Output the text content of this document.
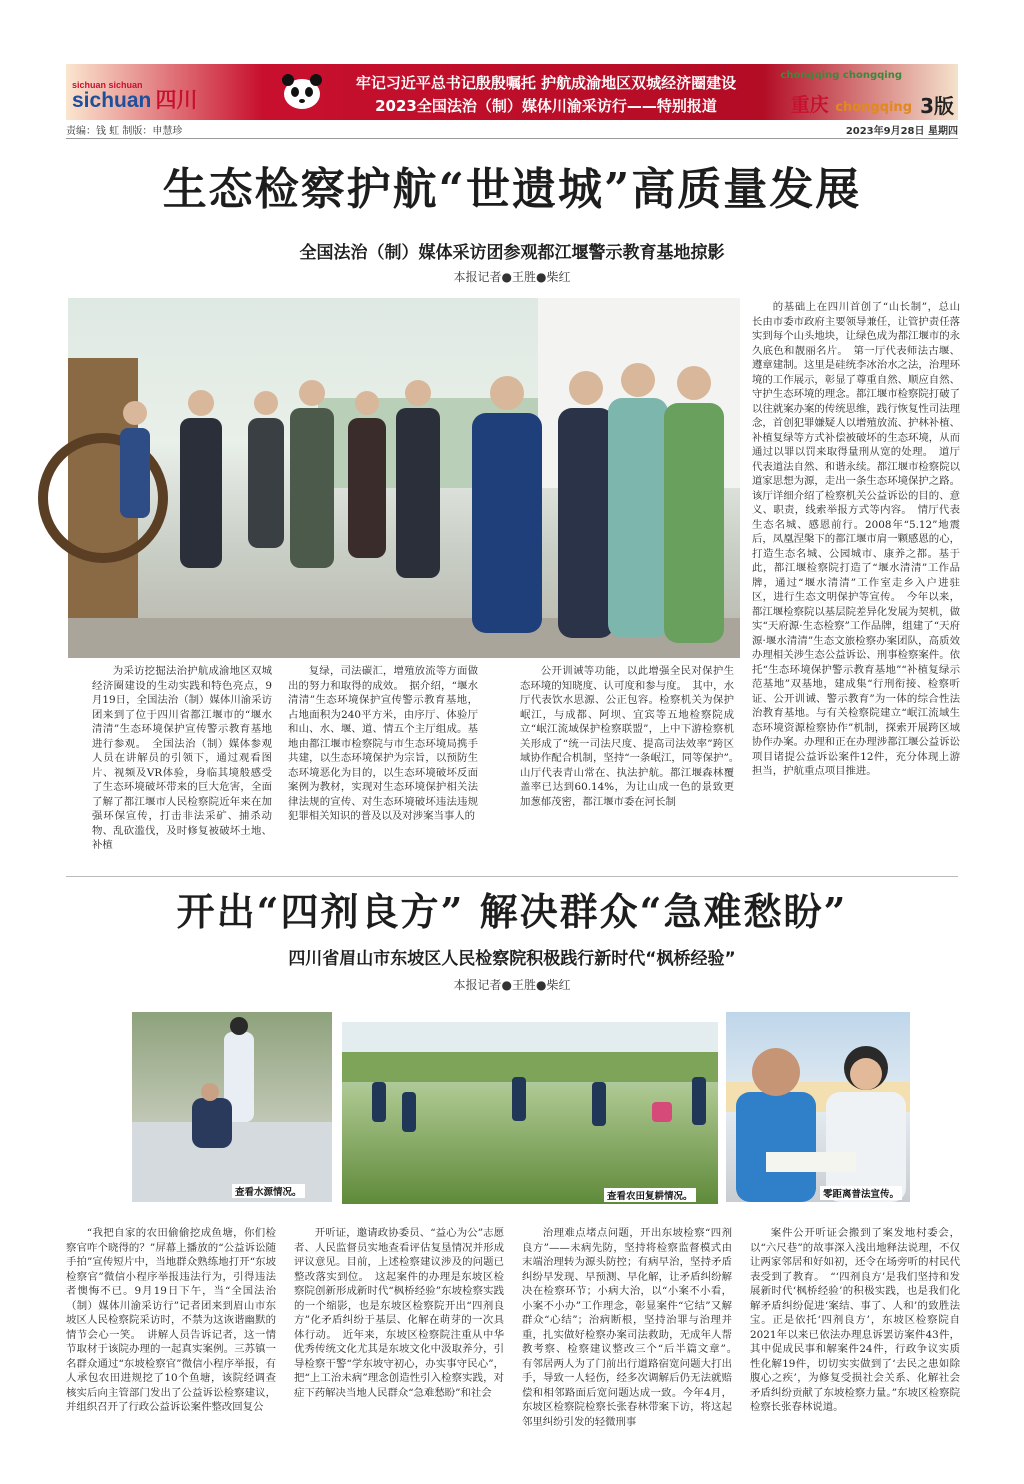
sichuan sichuan
sichuan 四川
牢记习近平总书记殷殷嘱托 护航成渝地区双城经济圈建设
2023全国法治（制）媒体川渝采访行——特别报道
chongqing chongqing
重庆 chongqing 3版
责编：钱 虹 制版：申慧珍	2023年9月28日 星期四
生态检察护航“世遗城”高质量发展
全国法治（制）媒体采访团参观都江堰警示教育基地掠影
本报记者●王胜●柴红

的基础上在四川首创了“山长制”，总山长由市委市政府主要领导兼任，让管护责任落实到每个山头地块，让绿色成为都江堰市的永久底色和靓丽名片。　第一厅代表师法古堰、遵章建制。这里是硅统李冰治水之法，治理环境的工作展示，彰显了尊重自然、顺应自然、守护生态环境的理念。都江堰市检察院打破了以往就案办案的传统思维，践行恢复性司法理念，首创犯罪嫌疑人以增殖放流、护林补植、补植复绿等方式补偿被破坏的生态环境，从而通过以罪以罚来取得量刑从宽的处理。　道厅代表道法自然、和谐永续。都江堰市检察院以道家思想为源，走出一条生态环境保护之路。该厅详细介绍了检察机关公益诉讼的目的、意义、职责，线索举报方式等内容。　情厅代表生态名城、感恩前行。2008年“5.12”地震后，凤凰涅槃下的都江堰市肩一颗感恩的心，打造生态名城、公园城市、康养之都。基于此，都江堰检察院打造了“堰水清清”工作品牌，通过“堰水清清”工作室走乡入户进驻区，进行生态文明保护等宣传。　今年以来，都江堰检察院以基层院差异化发展为契机，做实“天府源·生态检察”工作品牌，组建了“天府源·堰水清清”生态文旅检察办案团队，高质效办理相关涉生态公益诉讼、刑事检察案件。依托“生态环境保护警示教育基地”“补植复绿示范基地”双基地，建成集“行刑衔接、检察听证、公开训诫、警示教育”为一体的综合性法治教育基地。与有关检察院建立“岷江流域生态环境资源检察协作”机制，探索开展跨区域协作办案。办理和正在办理涉都江堰公益诉讼项目诸提公益诉讼案件12件，充分体现上游担当，护航重点项目推进。

为采访挖掘法治护航成渝地区双城经济圈建设的生动实践和特色亮点，9月19日，全国法治（制）媒体川渝采访团来到了位于四川省都江堰市的“堰水清清”生态环境保护宣传警示教育基地进行参观。　全国法治（制）媒体参观人员在讲解员的引领下，通过观看图片、视频及VR体验，身临其境般感受了生态环境破坏带来的巨大危害，全面了解了都江堰市人民检察院近年来在加强环保宣传，打击非法采矿、捕杀动物、乱砍滥伐，及时修复被破坏土地、补植

复绿，司法碳汇，增殖放流等方面做出的努力和取得的成效。　据介绍，“堰水清清”生态环境保护宣传警示教育基地，占地面积为240平方米，由序厅、体验厅和山、水、堰、道、情五个主厅组成。基地由都江堰市检察院与市生态环境局携手共建，以生态环境保护为宗旨，以预防生态环境恶化为目的，以生态环境破坏反面案例为教材，实现对生态环境保护相关法律法规的宣传、对生态环境破坏违法违规犯罪相关知识的普及以及对涉案当事人的

公开训诫等功能，以此增强全民对保护生态环境的知晓度、认可度和参与度。　其中，水厅代表饮水思源、公正包容。检察机关为保护岷江，与成都、阿坝、宜宾等五地检察院成立“岷江流域保护检察联盟”，上中下游检察机关形成了“统一司法尺度、提高司法效率”跨区域协作配合机制，坚持“一条岷江，同等保护”。　山厅代表青山常在、执法护航。都江堰森林覆盖率已达到60.14%，为让山成一色的景致更加葱郁茂密，都江堰市委在河长制

开出“四剂良方” 解决群众“急难愁盼”
四川省眉山市东坡区人民检察院积极践行新时代“枫桥经验”
本报记者●王胜●柴红
查看水源情况。	查看农田复耕情况。	零距离普法宣传。

“我把自家的农田偷偷挖成鱼塘，你们检察官咋个晓得的？”屏幕上播放的“公益诉讼随手拍”宣传短片中，当地群众熟练地打开“东坡检察官”微信小程序举报违法行为，引得违法者懊悔不已。9月19日下午，当“全国法治（制）媒体川渝采访行”记者团来到眉山市东坡区人民检察院采访时，不禁为这诙谐幽默的情节会心一笑。　讲解人员告诉记者，这一情节取材于该院办理的一起真实案例。三苏镇一名群众通过“东坡检察官”微信小程序举报，有人承包农田进规挖了10个鱼塘，该院经调查核实后向主管部门发出了公益诉讼检察建议，并组织召开了行政公益诉讼案件整改回复公

开听证，邀请政协委员、“益心为公”志愿者、人民监督员实地查看评估复垦情况并形成评议意见。目前，上述检察建议涉及的问题已整改落实到位。　这起案件的办理是东坡区检察院创新形成新时代“枫桥经验”东坡检察实践的一个缩影，也是东坡区检察院开出“四剂良方”化矛盾纠纷于基层、化解在萌芽的一次具体行动。　近年来，东坡区检察院注重从中华优秀传统文化尤其是东坡文化中汲取养分，引导检察干警“学东坡守初心，办实事守民心”，把“上工治未病”理念创造性引入检察实践，对症下药解决当地人民群众“急难愁盼”和社会

治理难点堵点问题，开出东坡检察“四剂良方”——未病先防，坚持将检察监督模式由末端治理转为源头防控；有病早治，坚持矛盾纠纷早发现、早预测、早化解，让矛盾纠纷解决在检察环节；小病大治，以“小案不小看，小案不小办”工作理念，彰显案件“它结”又解群众“心结”；治病断根，坚持治罪与治理并重，扎实做好检察办案司法救助，无成年人帮教考察、检察建议整改三个“后半篇文章”。　有邻居两人为了门前出行道路宿宽问题大打出手，导致一人轻伤，经多次调解后仍无法就赔偿和相邻路面后宽问题达成一致。今年4月，东坡区检察院检察长张春林带案下访，将这起邻里纠纷引发的轻微刑事

案件公开听证会搬到了案发地村委会，以“六尺巷”的故事深入浅出地释法说理，不仅让两家邻居和好如初，还令在场旁听的村民代表受到了教育。　“‘四剂良方’是我们坚持和发展新时代‘枫桥经验’的积极实践，也是我们化解矛盾纠纷促进‘案结、事了、人和’的致胜法宝。正是依托‘四剂良方’，东坡区检察院自2021年以来已依法办理息诉罢访案件43件，其中促成民事和解案件24件，行政争议实质性化解19件，切切实实做到了‘去民之患如除腹心之疾’，为修复受损社会关系、化解社会矛盾纠纷贡献了东坡检察力量。”东坡区检察院检察长张春林说道。
